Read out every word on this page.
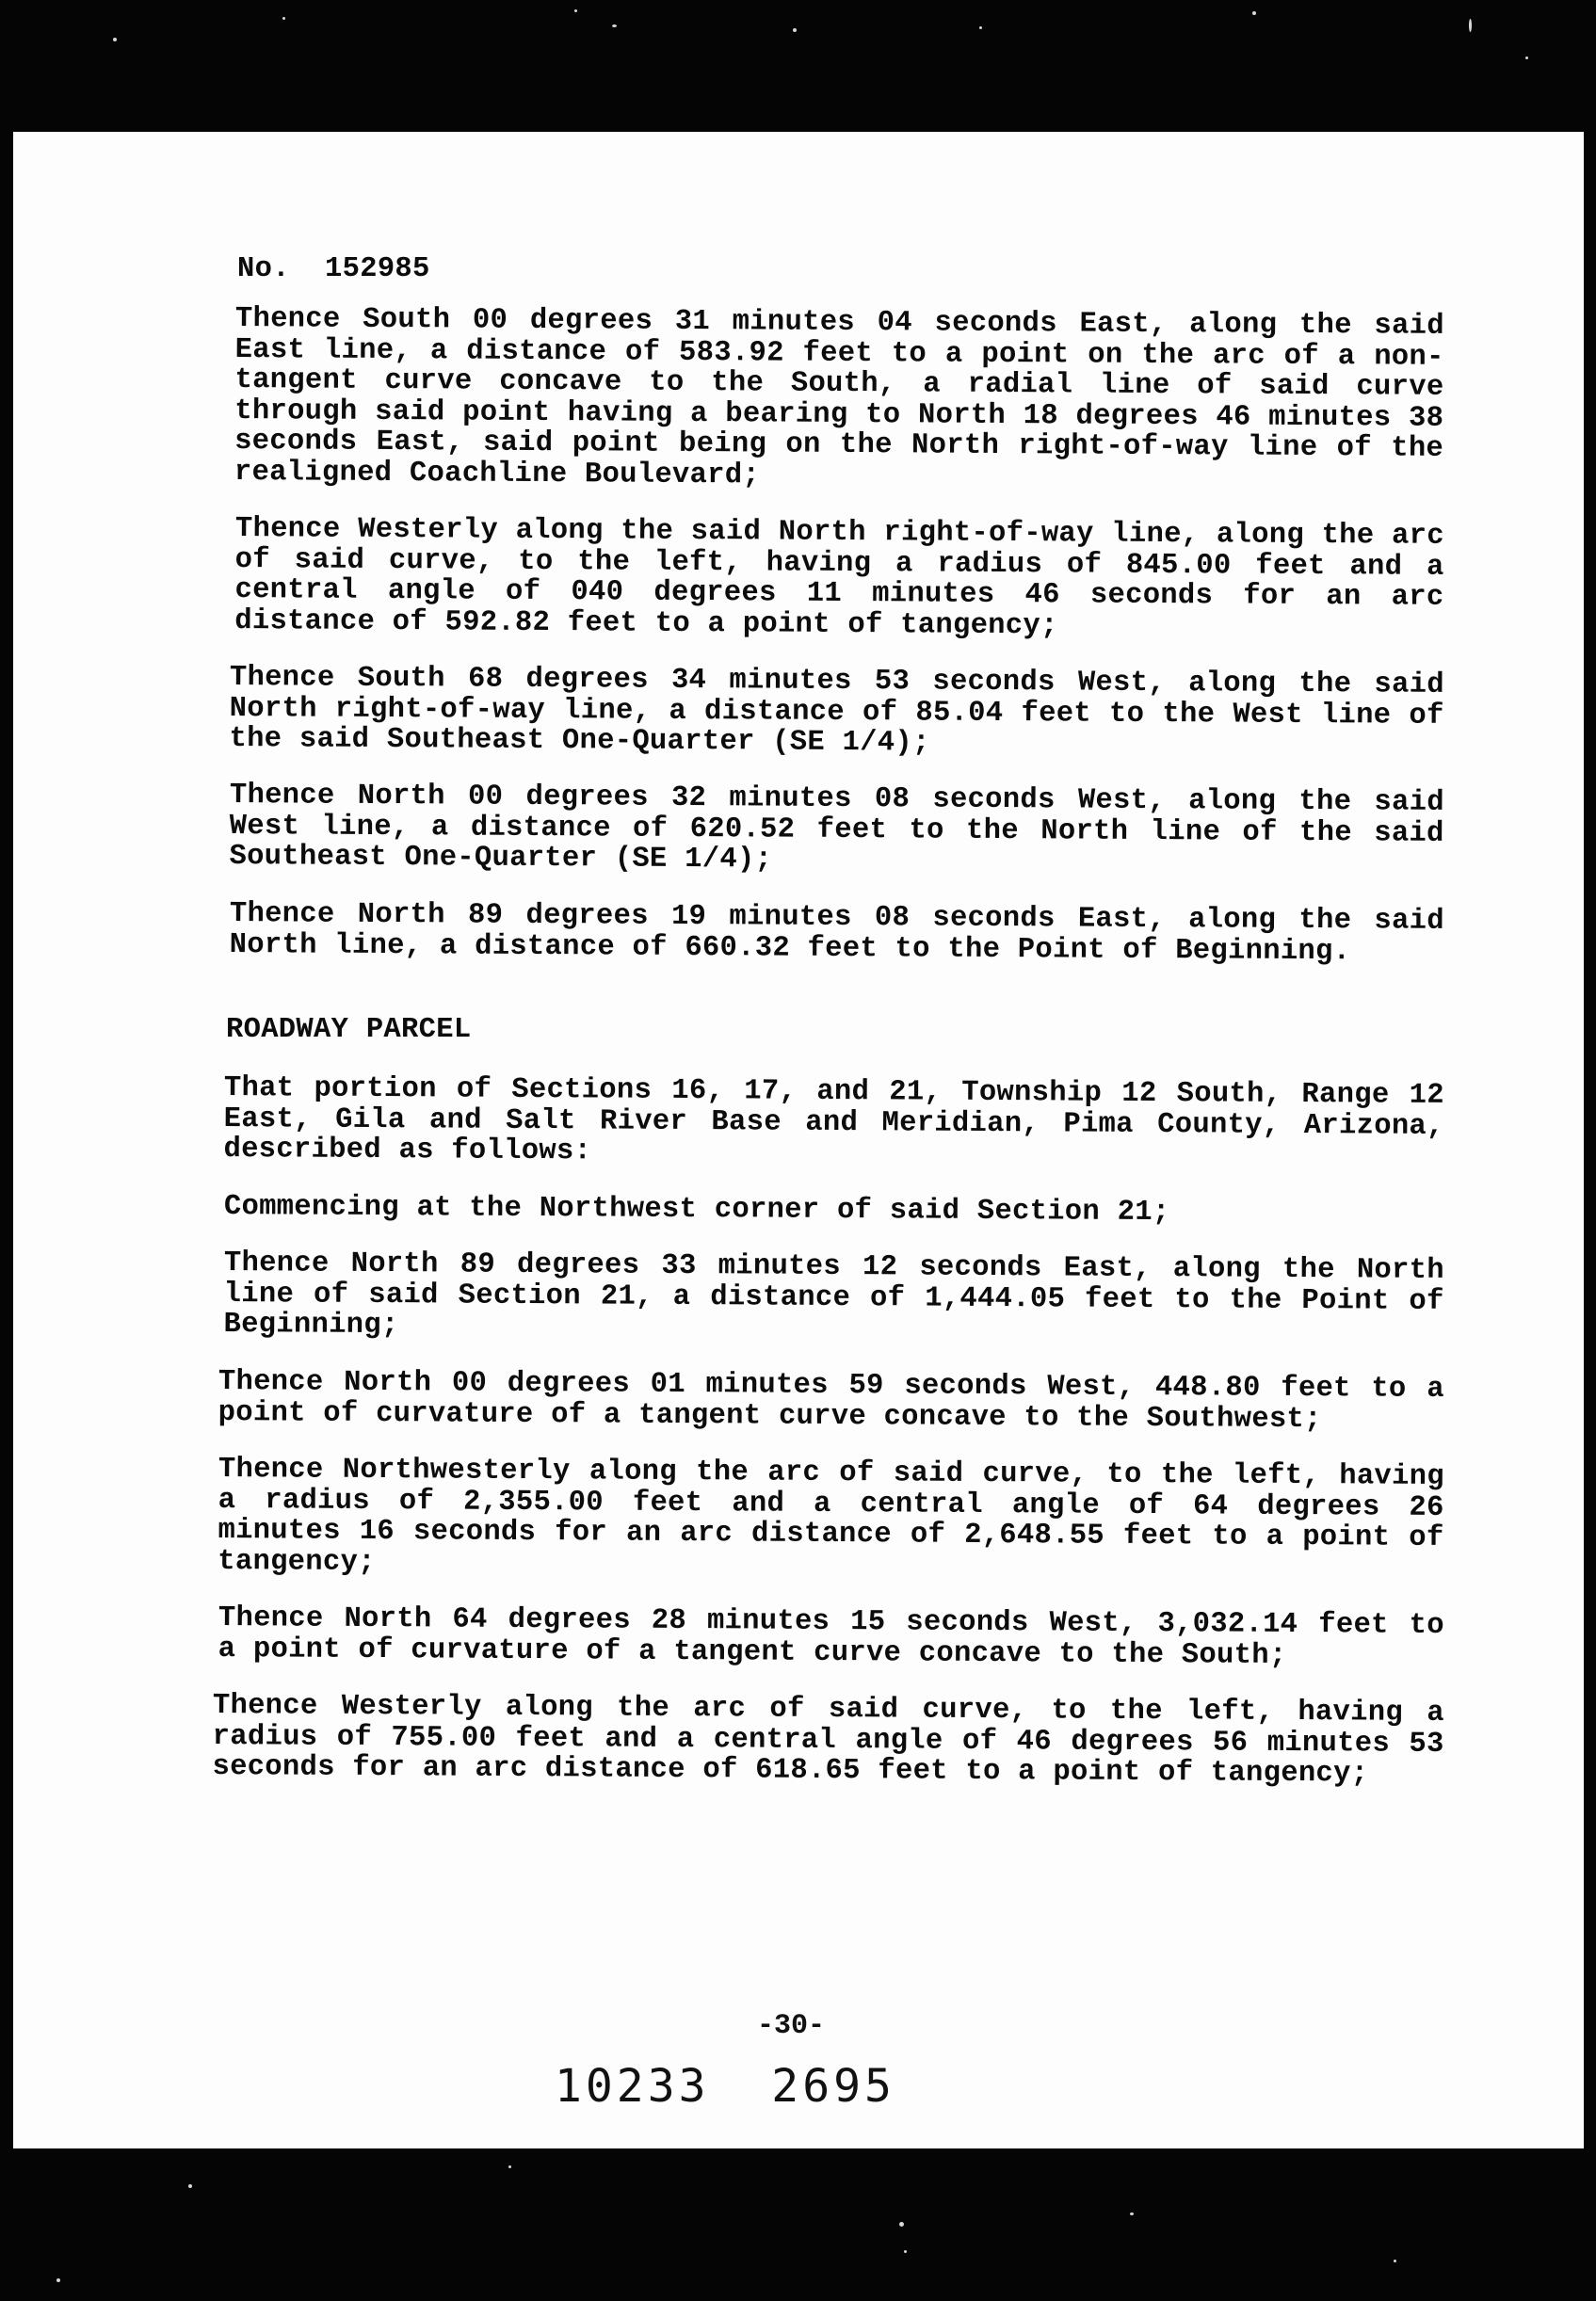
No.  152985

Thence South 00 degrees 31 minutes 04 seconds East, along the said East line, a distance of 583.92 feet to a point on the arc of a non-tangent curve concave to the South, a radial line of said curve through said point having a bearing to North 18 degrees 46 minutes 38 seconds East, said point being on the North right-of-way line of the realigned Coachline Boulevard;

Thence Westerly along the said North right-of-way line, along the arc of said curve, to the left, having a radius of 845.00 feet and a central angle of 040 degrees 11 minutes 46 seconds for an arc distance of 592.82 feet to a point of tangency;

Thence South 68 degrees 34 minutes 53 seconds West, along the said North right-of-way line, a distance of 85.04 feet to the West line of the said Southeast One-Quarter (SE 1/4);

Thence North 00 degrees 32 minutes 08 seconds West, along the said West line, a distance of 620.52 feet to the North line of the said Southeast One-Quarter (SE 1/4);

Thence North 89 degrees 19 minutes 08 seconds East, along the said North line, a distance of 660.32 feet to the Point of Beginning.

ROADWAY PARCEL

That portion of Sections 16, 17, and 21, Township 12 South, Range 12 East, Gila and Salt River Base and Meridian, Pima County, Arizona, described as follows:

Commencing at the Northwest corner of said Section 21;

Thence North 89 degrees 33 minutes 12 seconds East, along the North line of said Section 21, a distance of 1,444.05 feet to the Point of Beginning;

Thence North 00 degrees 01 minutes 59 seconds West, 448.80 feet to a point of curvature of a tangent curve concave to the Southwest;

Thence Northwesterly along the arc of said curve, to the left, having a radius of 2,355.00 feet and a central angle of 64 degrees 26 minutes 16 seconds for an arc distance of 2,648.55 feet to a point of tangency;

Thence North 64 degrees 28 minutes 15 seconds West, 3,032.14 feet to a point of curvature of a tangent curve concave to the South;

Thence Westerly along the arc of said curve, to the left, having a radius of 755.00 feet and a central angle of 46 degrees 56 minutes 53 seconds for an arc distance of 618.65 feet to a point of tangency;

-30-
10233  2695
